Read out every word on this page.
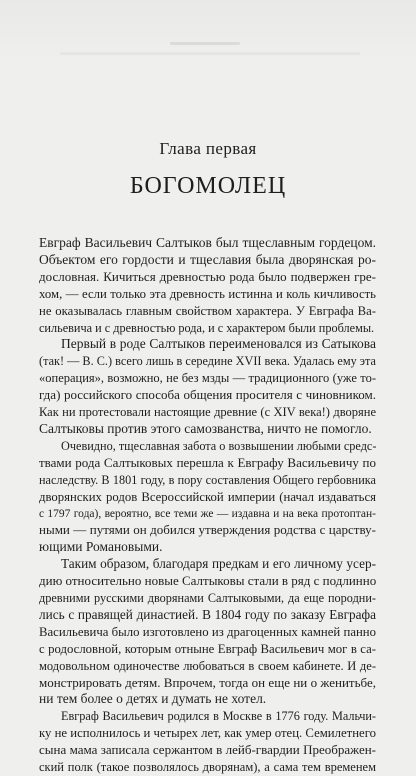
Глава первая
БОГОМОЛЕЦ
Евграф Васильевич Салтыков был тщеславным гордецом.
Объектом его гордости и тщеславия была дворянская ро-
дословная. Кичиться древностью рода было подвержен гре-
хом, — если только эта древность истинна и коль кичливость
не оказывалась главным свойством характера. У Евграфа Ва-
сильевича и с древностью рода, и с характером были проблемы.
Первый в роде Салтыков переименовался из Сатыкова
(так! — В. С.) всего лишь в середине XVII века. Удалась ему эта
«операция», возможно, не без мзды — традиционного (уже то-
гда) российского способа общения просителя с чиновником.
Как ни протестовали настоящие древние (с XIV века!) дворяне
Салтыковы против этого самозванства, ничто не помогло.
Очевидно, тщеславная забота о возвышении любыми средс-
твами рода Салтыковых перешла к Евграфу Васильевичу по
наследству. В 1801 году, в пору составления Общего гербовника
дворянских родов Всероссийской империи (начал издаваться
с 1797 года), вероятно, все теми же — издавна и на века протоптан-
ными — путями он добился утверждения родства с царству-
ющими Романовыми.
Таким образом, благодаря предкам и его личному усер-
дию относительно новые Салтыковы стали в ряд с подлинно
древними русскими дворянами Салтыковыми, да еще породни-
лись с правящей династией. В 1804 году по заказу Евграфа
Васильевича было изготовлено из драгоценных камней панно
с родословной, которым отныне Евграф Васильевич мог в са-
модовольном одиночестве любоваться в своем кабинете. И де-
монстрировать детям. Впрочем, тогда он еще ни о женитьбе,
ни тем более о детях и думать не хотел.
Евграф Васильевич родился в Москве в 1776 году. Мальчи-
ку не исполнилось и четырех лет, как умер отец. Семилетнего
сына мама записала сержантом в лейб-гвардии Преображен-
ский полк (такое позволялось дворянам), а сама тем временем
